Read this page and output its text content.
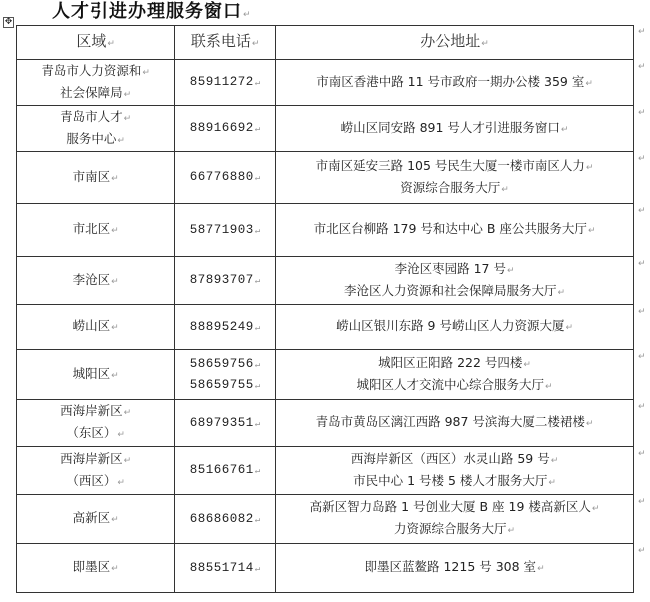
人才引进办理服务窗口↵
✥
区域↵	联系电话↵	办公地址↵

青岛市人力资源和↵
社会保障局↵	85911272↵	市南区香港中路 11 号市政府一期办公楼 359 室↵

青岛市人才↵
服务中心↵	88916692↵	崂山区同安路 891 号人才引进服务窗口↵

市南区↵	66776880↵	市南区延安三路 105 号民生大厦一楼市南区人力↵
资源综合服务大厅↵

市北区↵	58771903↵	市北区台柳路 179 号和达中心 B 座公共服务大厅↵

李沧区↵	87893707↵	李沧区枣园路 17 号↵
李沧区人力资源和社会保障局服务大厅↵

崂山区↵	88895249↵	崂山区银川东路 9 号崂山区人力资源大厦↵

城阳区↵	58659756↵
58659755↵	城阳区正阳路 222 号四楼↵
城阳区人才交流中心综合服务大厅↵

西海岸新区↵
（东区）↵	68979351↵	青岛市黄岛区漓江西路 987 号滨海大厦二楼裙楼↵

西海岸新区↵
（西区）↵	85166761↵	西海岸新区（西区）水灵山路 59 号↵
市民中心 1 号楼 5 楼人才服务大厅↵

高新区↵	68686082↵	高新区智力岛路 1 号创业大厦 B 座 19 楼高新区人↵
力资源综合服务大厅↵

即墨区↵	88551714↵	即墨区蓝鳌路 1215 号 308 室↵
↵
↵
↵
↵
↵
↵
↵
↵
↵
↵
↵
↵
